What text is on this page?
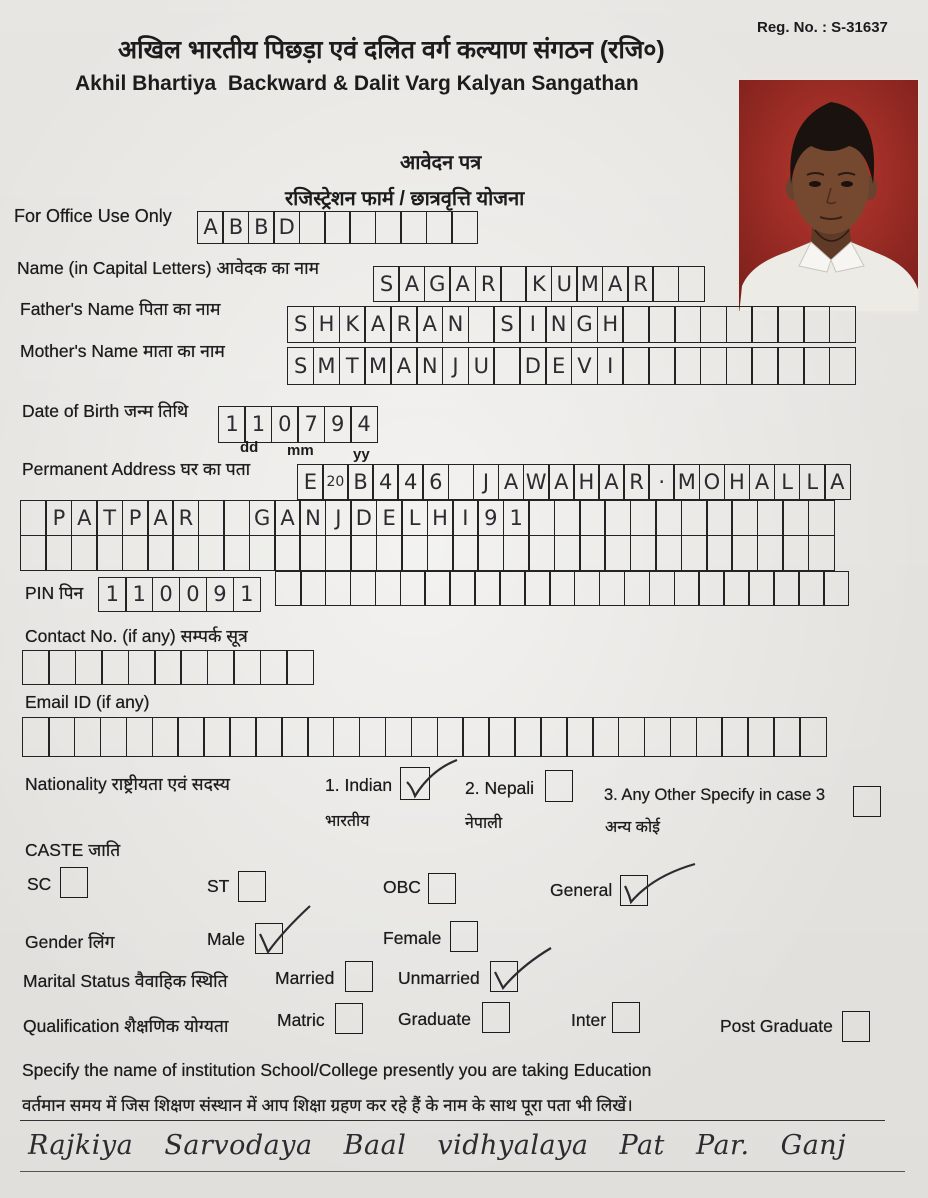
Reg. No. : S-31637
अखिल भारतीय पिछड़ा एवं दलित वर्ग कल्याण संगठन (रजि०)
Akhil Bhartiya  Backward & Dalit Varg Kalyan Sangathan
आवेदन पत्र
रजिस्ट्रेशन फार्म / छात्रवृत्ति योजना
For Office Use Only	A B B D
Name (in Capital Letters) आवेदक का नाम
S A G A R	K U M A R
Father's Name पिता का नाम
S H K A R A N	S I N G H
Mother's Name माता का नाम
S M T M A N J U D E V I
Date of Birth जन्म तिथि
1 1 0 7 9 4
dd mm	yy
Permanent Address घर का पता
E 20 B 4 4 6	J A W A H A R · M O H A L L A
P A T P A R	G A N J D E L H I 9 1
PIN पिन	1 1 0 0 9 1
Contact No. (if any) सम्पर्क सूत्र
Email ID (if any)
Nationality राष्ट्रीयता एवं सदस्य	1. Indian	2. Nepali	3. Any Other Specify in case 3
भारतीय	नेपाली	अन्य कोई
CASTE जाति
SC	ST	OBC	General
Gender लिंग	Male	Female
Marital Status वैवाहिक स्थिति	Married	Unmarried
Qualification शैक्षणिक योग्यता	Matric	Graduate	Inter	Post Graduate
Specify the name of institution School/College presently you are taking Education
वर्तमान समय में जिस शिक्षण संस्थान में आप शिक्षा ग्रहण कर रहे हैं के नाम के साथ पूरा पता भी लिखें।
Rajkiya Sarvodaya Baal vidhyalaya Pat Par. Ganj
